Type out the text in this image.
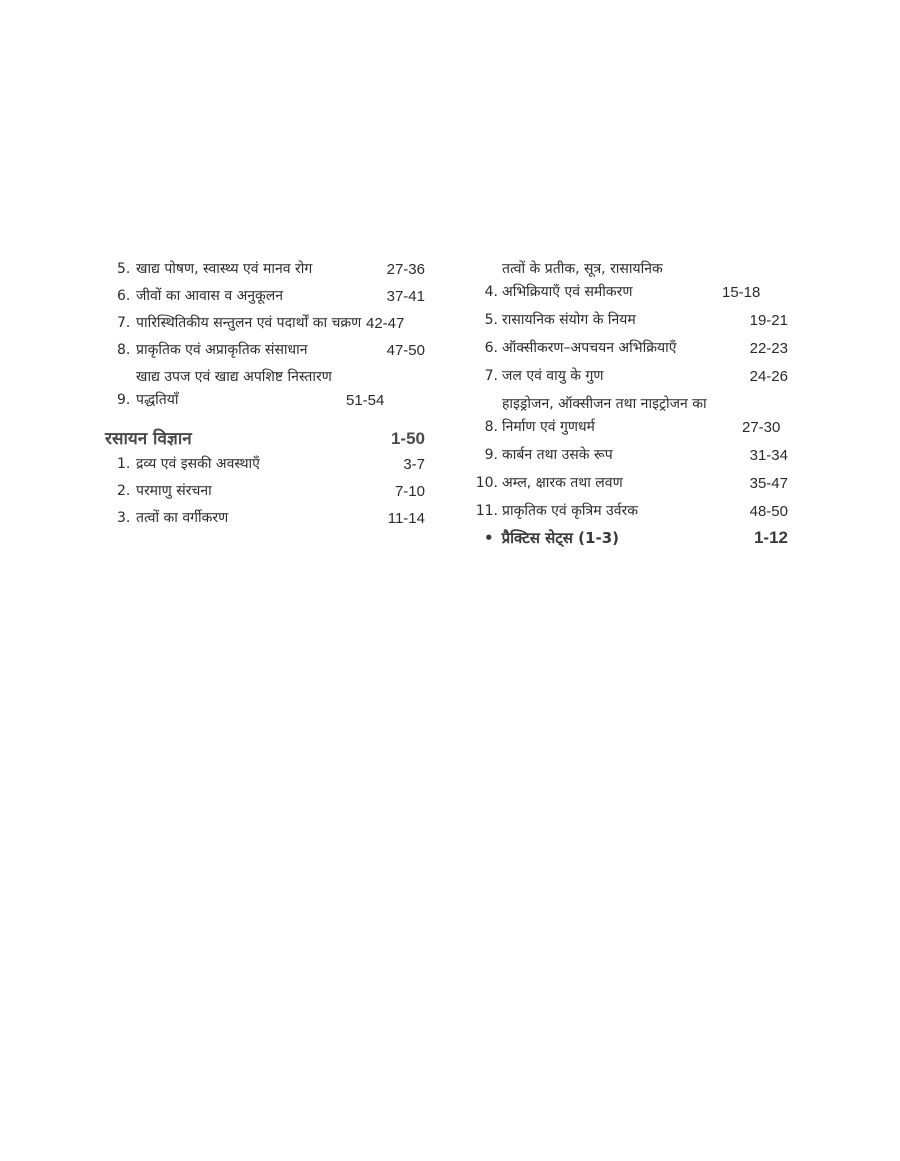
5. खाद्य पोषण, स्वास्थ्य एवं मानव रोग	27-36
6. जीवों का आवास व अनुकूलन	37-41
7. पारिस्थितिकीय सन्तुलन एवं पदार्थों का चक्रण 42-47
8. प्राकृतिक एवं अप्राकृतिक संसाधान	47-50
9.
खाद्य उपज एवं खाद्य अपशिष्ट निस्तारण पद्धतियाँ	51-54
रसायन विज्ञान	1-50
1. द्रव्य एवं इसकी अवस्थाएँ	3-7
2. परमाणु संरचना	7-10
3. तत्वों का वर्गीकरण	11-14
4.
तत्वों के प्रतीक, सूत्र, रासायनिक अभिक्रियाएँ एवं समीकरण	15-18
5. रासायनिक संयोग के नियम	19-21
6. ऑक्सीकरण–अपचयन अभिक्रियाएँ	22-23
7. जल एवं वायु के गुण	24-26
8.
हाइड्रोजन, ऑक्सीजन तथा नाइट्रोजन का निर्माण एवं गुणधर्म	27-30
9. कार्बन तथा उसके रूप	31-34
10. अम्ल, क्षारक तथा लवण	35-47
11. प्राकृतिक एवं कृत्रिम उर्वरक	48-50
• प्रैक्टिस सेट्स (1-3)	1-12
